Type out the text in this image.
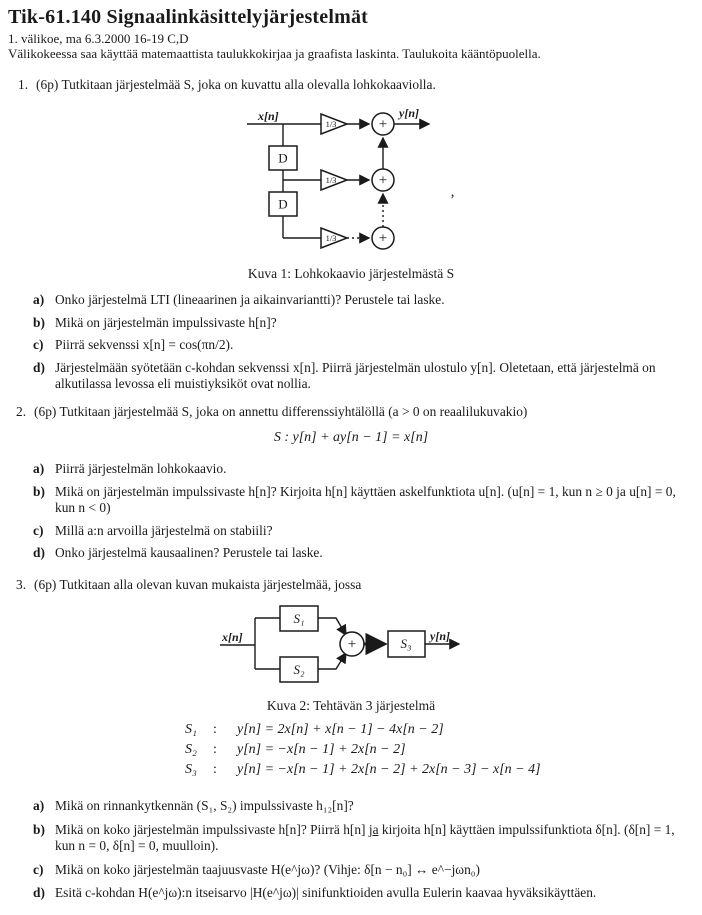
Tik-61.140 Signaalinkäsittelyjärjestelmät
1. välikoe, ma 6.3.2000 16-19 C,D
Välikokeessa saa käyttää matemaattista taulukkokirjaa ja graafista laskinta. Taulukoita kääntöpuolella.
1. (6p) Tutkitaan järjestelmää S, joka on kuvattu alla olevalla lohkokaaviolla.
x[n]	y[n]
D
D
1/3
1/3
1/3
+
+
+
’
Kuva 1: Lohkokaavio järjestelmästä S
a) Onko järjestelmä LTI (lineaarinen ja aikainvariantti)? Perustele tai laske.
b) Mikä on järjestelmän impulssivaste h[n]?
c) Piirrä sekvenssi x[n] = cos(πn/2).
d) Järjestelmään syötetään c-kohdan sekvenssi x[n]. Piirrä järjestelmän ulostulo y[n]. Oletetaan, että järjestelmä on alkutilassa levossa eli muistiyksiköt ovat nollia.
2. (6p) Tutkitaan järjestelmää S, joka on annettu differenssiyhtälöllä (a > 0 on reaalilukuvakio)
S : y[n] + ay[n − 1] = x[n]
a) Piirrä järjestelmän lohkokaavio.
b) Mikä on järjestelmän impulssivaste h[n]? Kirjoita h[n] käyttäen askelfunktiota u[n]. (u[n] = 1, kun n ≥ 0 ja u[n] = 0, kun n < 0)
c) Millä a:n arvoilla järjestelmä on stabiili?
d) Onko järjestelmä kausaalinen? Perustele tai laske.
3. (6p) Tutkitaan alla olevan kuvan mukaista järjestelmää, jossa
x[n]	y[n]
S₁
S₂
S₃
+
Kuva 2: Tehtävän 3 järjestelmä
S₁	:	y[n] = 2x[n] + x[n − 1] − 4x[n − 2]
S₂	:	y[n] = −x[n − 1] + 2x[n − 2]
S₃	:	y[n] = −x[n − 1] + 2x[n − 2] + 2x[n − 3] − x[n − 4]
a) Mikä on rinnankytkennän (S₁, S₂) impulssivaste h₁₂[n]?
b) Mikä on koko järjestelmän impulssivaste h[n]? Piirrä h[n] ja kirjoita h[n] käyttäen impulssifunktiota δ[n]. (δ[n] = 1, kun n = 0, δ[n] = 0, muulloin).
c) Mikä on koko järjestelmän taajuusvaste H(e^jω)? (Vihje: δ[n − n₀] ↔ e^−jωn₀)
d) Esitä c-kohdan H(e^jω):n itseisarvo |H(e^jω)| sinifunktioiden avulla Eulerin kaavaa hyväksikäyttäen.
